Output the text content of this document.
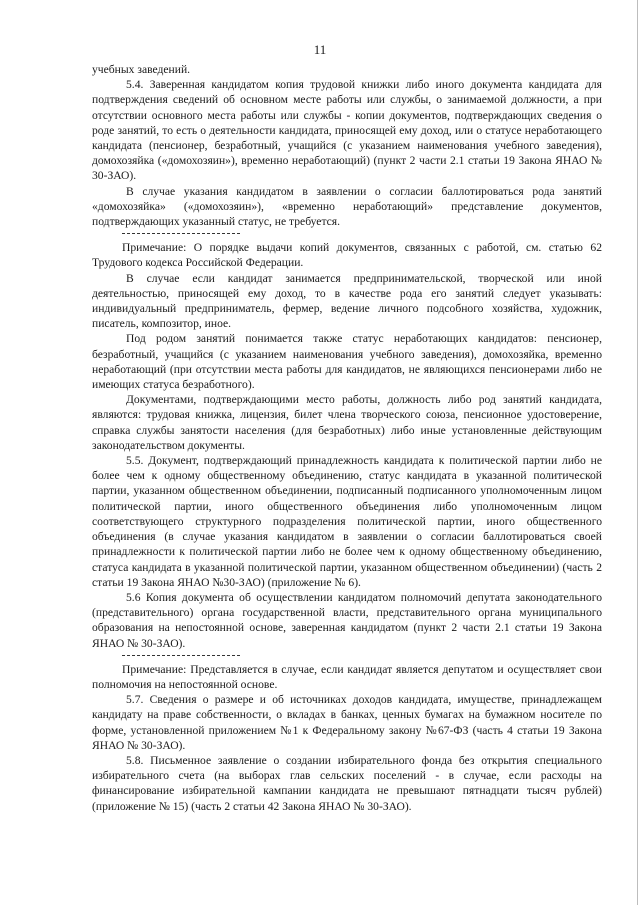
11

учебных заведений.

5.4. Заверенная кандидатом копия трудовой книжки либо иного документа кандидата для подтверждения сведений об основном месте работы или службы, о занимаемой должности, а при отсутствии основного места работы или службы - копии документов, подтверждающих сведения о роде занятий, то есть о деятельности кандидата, приносящей ему доход, или о статусе неработающего кандидата (пенсионер, безработный, учащийся (с указанием наименования учебного заведения), домохозяйка («домохозяин»), временно неработающий) (пункт 2 части 2.1 статьи 19 Закона ЯНАО № 30-ЗАО).

В случае указания кандидатом в заявлении о согласии баллотироваться рода занятий «домохозяйка» («домохозяин»), «временно неработающий» представление документов, подтверждающих указанный статус, не требуется.

Примечание: О порядке выдачи копий документов, связанных с работой, см. статью 62 Трудового кодекса Российской Федерации.

В случае если кандидат занимается предпринимательской, творческой или иной деятельностью, приносящей ему доход, то в качестве рода его занятий следует указывать: индивидуальный предприниматель, фермер, ведение личного подсобного хозяйства, художник, писатель, композитор, иное.

Под родом занятий понимается также статус неработающих кандидатов: пенсионер, безработный, учащийся (с указанием наименования учебного заведения), домохозяйка, временно неработающий (при отсутствии места работы для кандидатов, не являющихся пенсионерами либо не имеющих статуса безработного).

Документами, подтверждающими место работы, должность либо род занятий кандидата, являются: трудовая книжка, лицензия, билет члена творческого союза, пенсионное удостоверение, справка службы занятости населения (для безработных) либо иные установленные действующим законодательством документы.

5.5. Документ, подтверждающий принадлежность кандидата к политической партии либо не более чем к одному общественному объединению, статус кандидата в указанной политической партии, указанном общественном объединении, подписанный подписанного уполномоченным лицом политической партии, иного общественного объединения либо уполномоченным лицом соответствующего структурного подразделения политической партии, иного общественного объединения (в случае указания кандидатом в заявлении о согласии баллотироваться своей принадлежности к политической партии либо не более чем к одному общественному объединению, статуса кандидата в указанной политической партии, указанном общественном объединении) (часть 2 статьи 19 Закона ЯНАО №30-ЗАО) (приложение № 6).

5.6 Копия документа об осуществлении кандидатом полномочий депутата законодательного (представительного) органа государственной власти, представительного органа муниципального образования на непостоянной основе, заверенная кандидатом (пункт 2 части 2.1 статьи 19 Закона ЯНАО № 30-ЗАО).

Примечание: Представляется в случае, если кандидат является депутатом и осуществляет свои полномочия на непостоянной основе.

5.7. Сведения о размере и об источниках доходов кандидата, имуществе, принадлежащем кандидату на праве собственности, о вкладах в банках, ценных бумагах на бумажном носителе по форме, установленной приложением №1 к Федеральному закону №67-ФЗ (часть 4 статьи 19 Закона ЯНАО № 30-ЗАО).

5.8. Письменное заявление о создании избирательного фонда без открытия специального избирательного счета (на выборах глав сельских поселений - в случае, если расходы на финансирование избирательной кампании кандидата не превышают пятнадцати тысяч рублей) (приложение № 15) (часть 2 статьи 42 Закона ЯНАО № 30-ЗАО).
